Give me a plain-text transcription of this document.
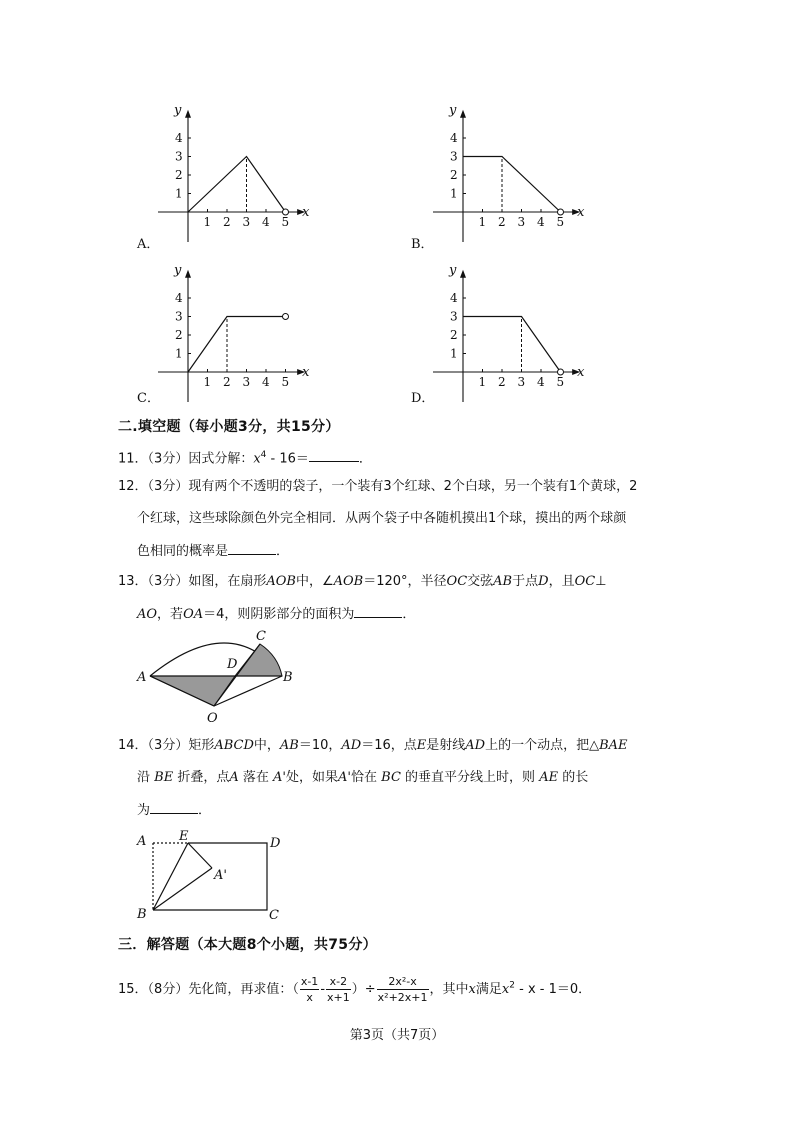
x
y
1 2 3 4 5
1
2
3
4
A．
x
y
1 2 3 4 5
1
2
3
4
B．
x
y
1 2 3 4 5
1
2
3
4
C．
x
y
1 2 3 4 5
1
2
3
4
D．
二.填空题（每小题3分，共15分）
11．（3分）因式分解：$x^4 - 16=$	．
12．（3分）现有两个不透明的袋子，一个装有3个红球、2个白球，另一个装有1个黄球，2
个红球，这些球除颜色外完全相同．从两个袋子中各随机摸出1个球，摸出的两个球颜
色相同的概率是	．
13．（3分）如图，在扇形AOB中，∠AOB＝120°，半径OC交弦AB于点D，且OC⊥
AO，若OA＝4，则阴影部分的面积为	．
A	B
C
D
O
14．（3分）矩形ABCD中，AB＝10，AD＝16，点E是射线AD上的一个动点，把△BAE
沿 BE 折叠，点A 落在 A'处，如果A'恰在 BC 的垂直平分线上时，则 AE 的长
为	．
A	E	D
A'
B	C
三．解答题（本大题8个小题，共75分）
15．（8分）先化简，再求值：（ $\frac{x-1}{x} - \frac{x-2}{x+1}$ ）÷ $\frac{\text{2x²-x}}{\text{x²+2x+1}}$ ，其中x满足$x^2 - x - 1=0$．
第3页（共7页）
